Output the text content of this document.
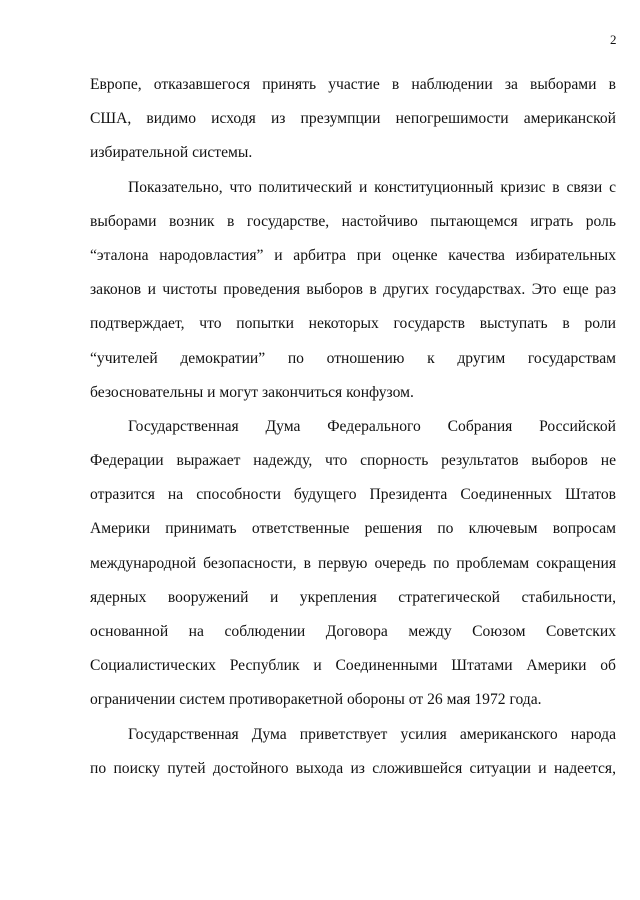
2
Европе, отказавшегося принять участие в наблюдении за выборами в
США, видимо исходя из презумпции непогрешимости американской
избирательной системы.
Показательно, что политический и конституционный кризис в связи с
выборами возник в государстве, настойчиво пытающемся играть роль
“эталона народовластия” и арбитра при оценке качества избирательных
законов и чистоты проведения выборов в других государствах. Это еще раз
подтверждает, что попытки некоторых государств выступать в роли
“учителей демократии” по отношению к другим государствам
безосновательны и могут закончиться конфузом.
Государственная Дума Федерального Собрания Российской
Федерации выражает надежду, что спорность результатов выборов не
отразится на способности будущего Президента Соединенных Штатов
Америки принимать ответственные решения по ключевым вопросам
международной безопасности, в первую очередь по проблемам сокращения
ядерных вооружений и укрепления стратегической стабильности,
основанной на соблюдении Договора между Союзом Советских
Социалистических Республик и Соединенными Штатами Америки об
ограничении систем противоракетной обороны от 26 мая 1972 года.
Государственная Дума приветствует усилия американского народа
по поиску путей достойного выхода из сложившейся ситуации и надеется,
